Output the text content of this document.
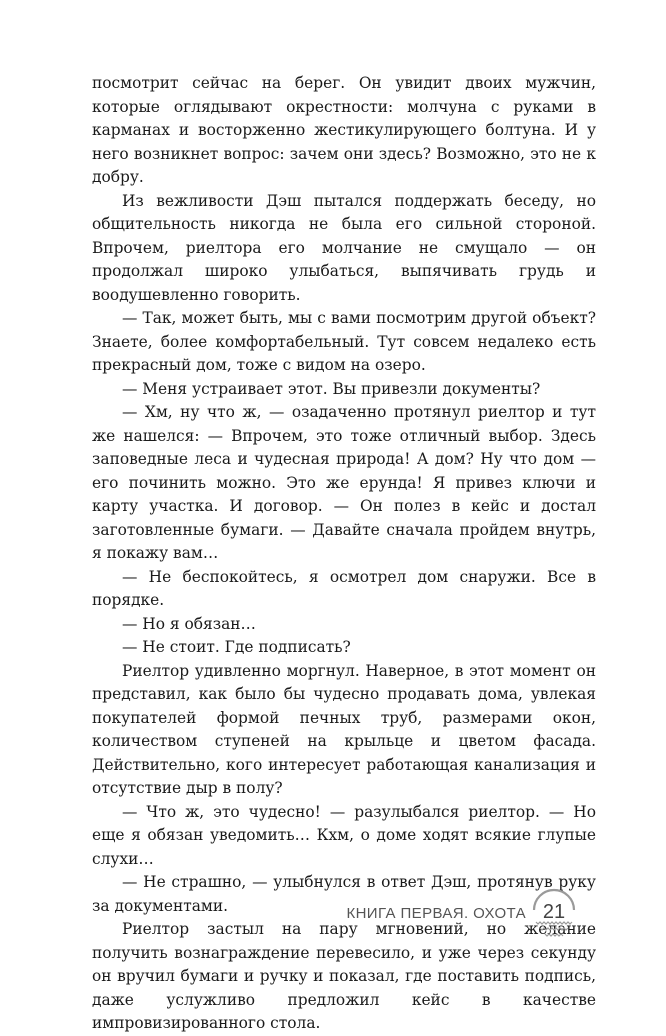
посмотрит сейчас на берег. Он увидит двоих мужчин, которые оглядывают окрестности: молчуна с руками в карманах и восторженно жестикулирующего болтуна. И у него возникнет вопрос: зачем они здесь? Возможно, это не к добру.

Из вежливости Дэш пытался поддержать беседу, но общительность никогда не была его сильной стороной. Впрочем, риелтора его молчание не смущало — он продолжал широко улыбаться, выпячивать грудь и воодушевленно говорить.

— Так, может быть, мы с вами посмотрим другой объект? Знаете, более комфортабельный. Тут совсем недалеко есть прекрасный дом, тоже с видом на озеро.

— Меня устраивает этот. Вы привезли документы?

— Хм, ну что ж, — озадаченно протянул риелтор и тут же нашелся: — Впрочем, это тоже отличный выбор. Здесь заповедные леса и чудесная природа! А дом? Ну что дом — его починить можно. Это же ерунда! Я привез ключи и карту участка. И договор. — Он полез в кейс и достал заготовленные бумаги. — Давайте сначала пройдем внутрь, я покажу вам…

— Не беспокойтесь, я осмотрел дом снаружи. Все в порядке.

— Но я обязан…

— Не стоит. Где подписать?

Риелтор удивленно моргнул. Наверное, в этот момент он представил, как было бы чудесно продавать дома, увлекая покупателей формой печных труб, размерами окон, количеством ступеней на крыльце и цветом фасада. Действительно, кого интересует работающая канализация и отсутствие дыр в полу?

— Что ж, это чудесно! — разулыбался риелтор. — Но еще я обязан уведомить… Кхм, о доме ходят всякие глупые слухи…

— Не страшно, — улыбнулся в ответ Дэш, протянув руку за документами.

Риелтор застыл на пару мгновений, но желание получить вознаграждение перевесило, и уже через секунду он вручил бумаги и ручку и показал, где поставить подпись, даже услужливо предложил кейс в качестве импровизированного стола.

КНИГА ПЕРВАЯ. ОХОТА 21
